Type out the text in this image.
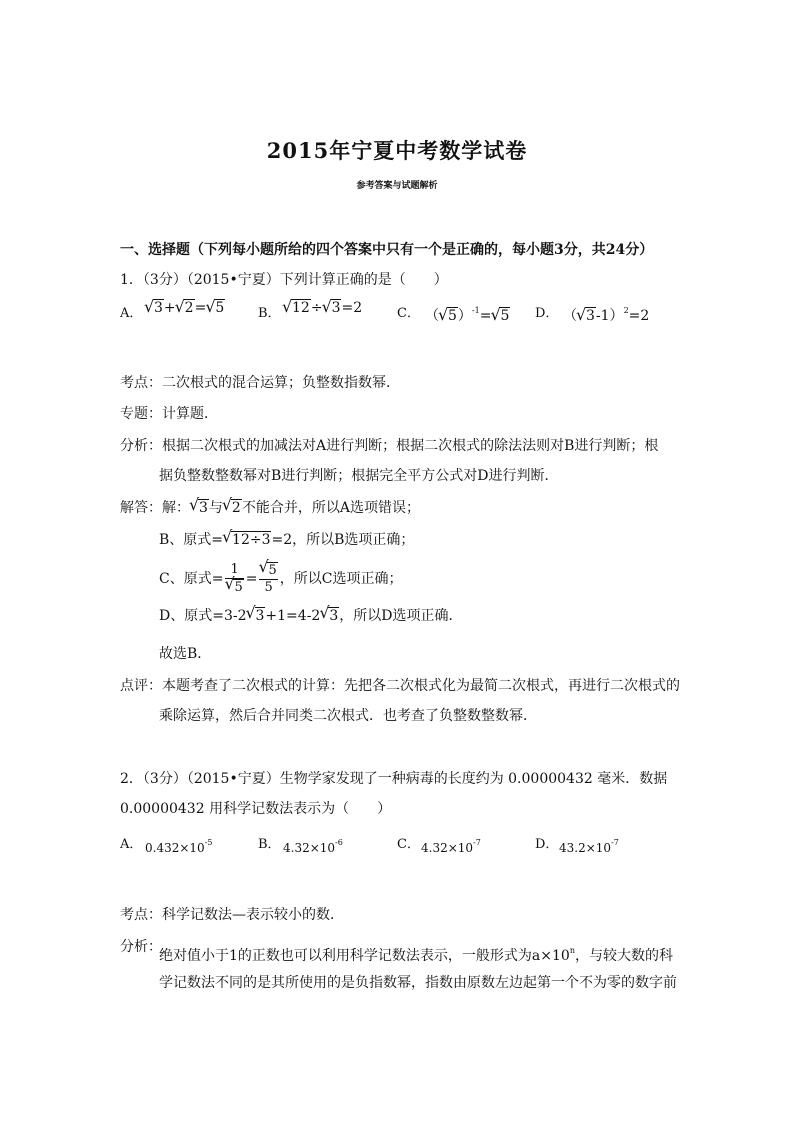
2015年宁夏中考数学试卷
参考答案与试题解析
一、选择题（下列每小题所给的四个答案中只有一个是正确的，每小题3分，共24分）
1．（3分）（2015•宁夏）下列计算正确的是（　　）
A． √ 3+ √ 2= √ 5	B． √ 12÷ √ 3=2	C． （ √ 5）$^{-1}$= √ 5 D． （ √ 3-1）$^2$=2
考点：二次根式的混合运算；负整数指数幂．
专题：计算题．
分析：根据二次根式的加减法对A进行判断；根据二次根式的除法法则对B进行判断；根
据负整数整数幂对B进行判断；根据完全平方公式对D进行判断．
解答：解： √ 3与 √ 2不能合并，所以A选项错误；
B、原式= √ 12÷3=2，所以B选项正确；
C、原式= 1
√ 5 = √ $\frac{5}{5}$ ，所以C选项正确；
D、原式=3-2 √ 3+1=4-2 √ 3，所以D选项正确．
故选B．
点评：本题考查了二次根式的计算：先把各二次根式化为最简二次根式，再进行二次根式的
乘除运算，然后合并同类二次根式．也考查了负整数整数幂．
2．（3分）（2015•宁夏）生物学家发现了一种病毒的长度约为 0.00000432 毫米．数据
0.00000432 用科学记数法表示为（　　）
A． $0.432\times 10^{-5}$	B． $4.32\times 10^{-6}$	C． $4.32\times 10^{-7}$	D． $43.2\times 10^{-7}$
考点：科学记数法—表示较小的数．
分析：
绝对值小于1的正数也可以利用科学记数法表示，一般形式为$a\times 10^n$，与较大数的科
学记数法不同的是其所使用的是负指数幂，指数由原数左边起第一个不为零的数字前
